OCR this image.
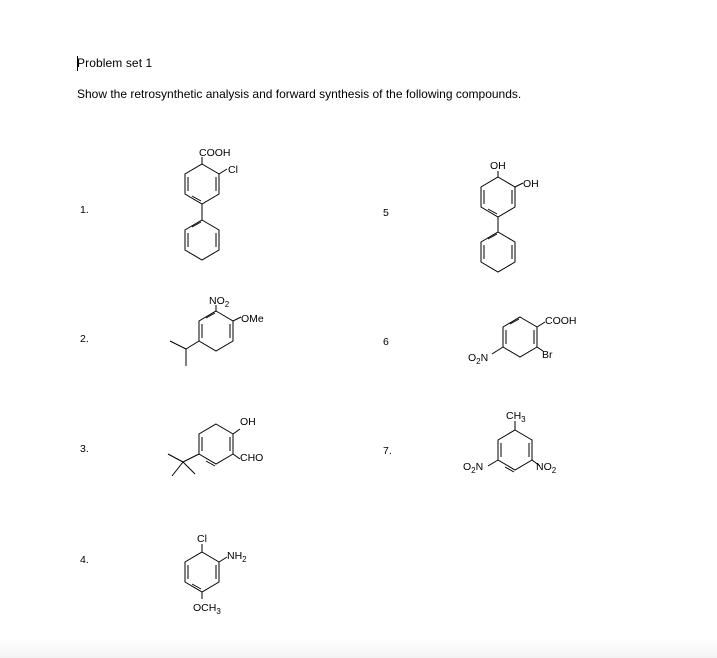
Problem set 1
Show the retrosynthetic analysis and forward synthesis of the following compounds.
1.
2.
3.
4.
5
6
7.
COOH
Cl
$NO_2$
OMe
OH
CHO
Cl
$NH_2$
$OCH_3$
OH
OH
COOH
$O_2N$	Br
$CH_3$
$O_2N$	$NO_2$
